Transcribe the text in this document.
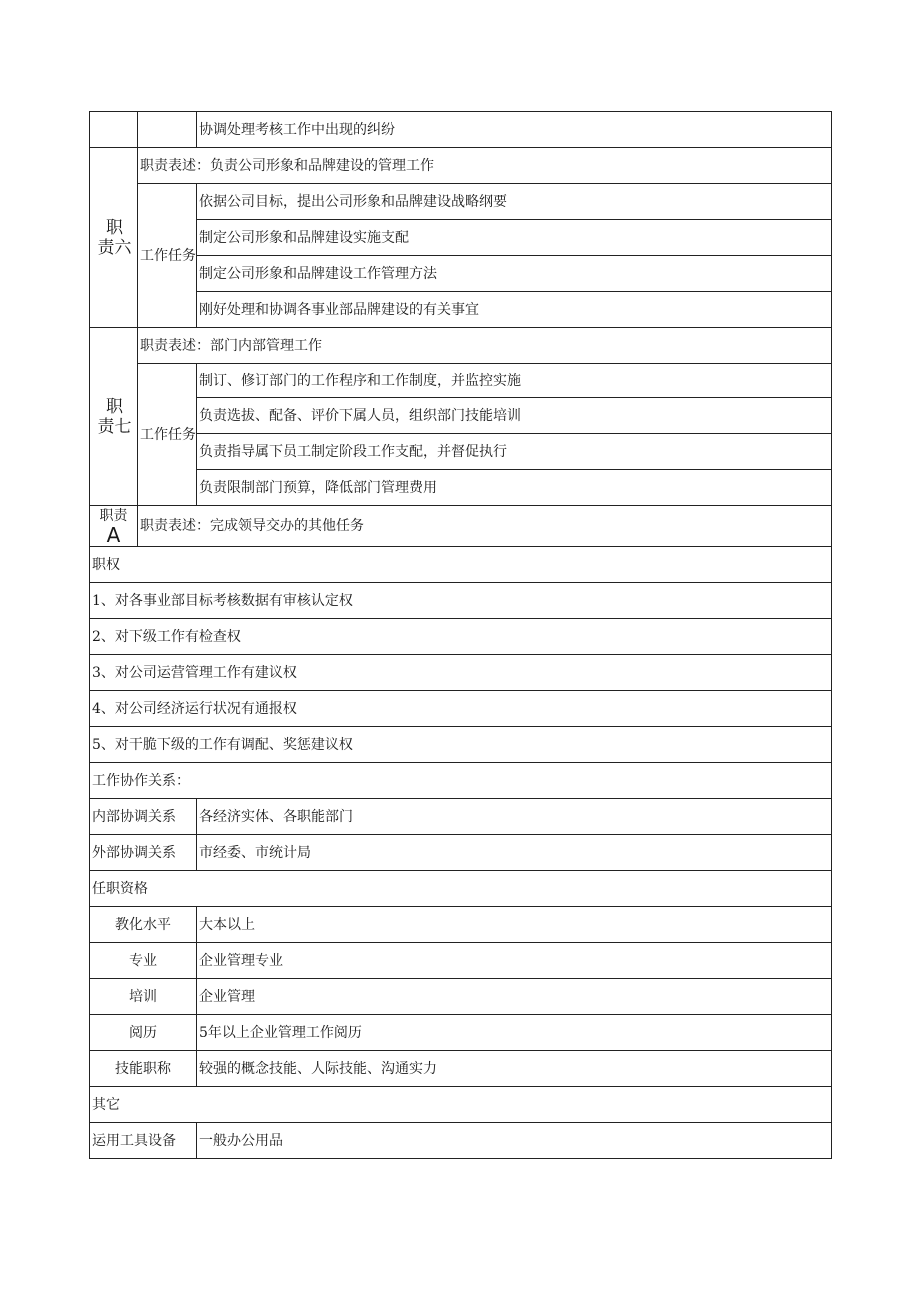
		协调处理考核工作中出现的纠纷

职
责六	职责表述：负责公司形象和品牌建设的管理工作	
	工作任务	依据公司目标，提出公司形象和品牌建设战略纲要
		制定公司形象和品牌建设实施支配
		制定公司形象和品牌建设工作管理方法
		刚好处理和协调各事业部品牌建设的有关事宜

职
责七	职责表述：部门内部管理工作	
	工作任务	制订、修订部门的工作程序和工作制度，并监控实施
		负责选拔、配备、评价下属人员，组织部门技能培训
		负责指导属下员工制定阶段工作支配，并督促执行
		负责限制部门预算，降低部门管理费用

职责
A	职责表述：完成领导交办的其他任务	
职权		
1、对各事业部目标考核数据有审核认定权		
2、对下级工作有检查权		
3、对公司运营管理工作有建议权		
4、对公司经济运行状况有通报权		
5、对干脆下级的工作有调配、奖惩建议权		
工作协作关系：		
内部协调关系		各经济实体、各职能部门
外部协调关系		市经委、市统计局
任职资格		
教化水平		大本以上
专业		企业管理专业
培训		企业管理
阅历		5年以上企业管理工作阅历
技能职称		较强的概念技能、人际技能、沟通实力
其它		
运用工具设备		一般办公用品
